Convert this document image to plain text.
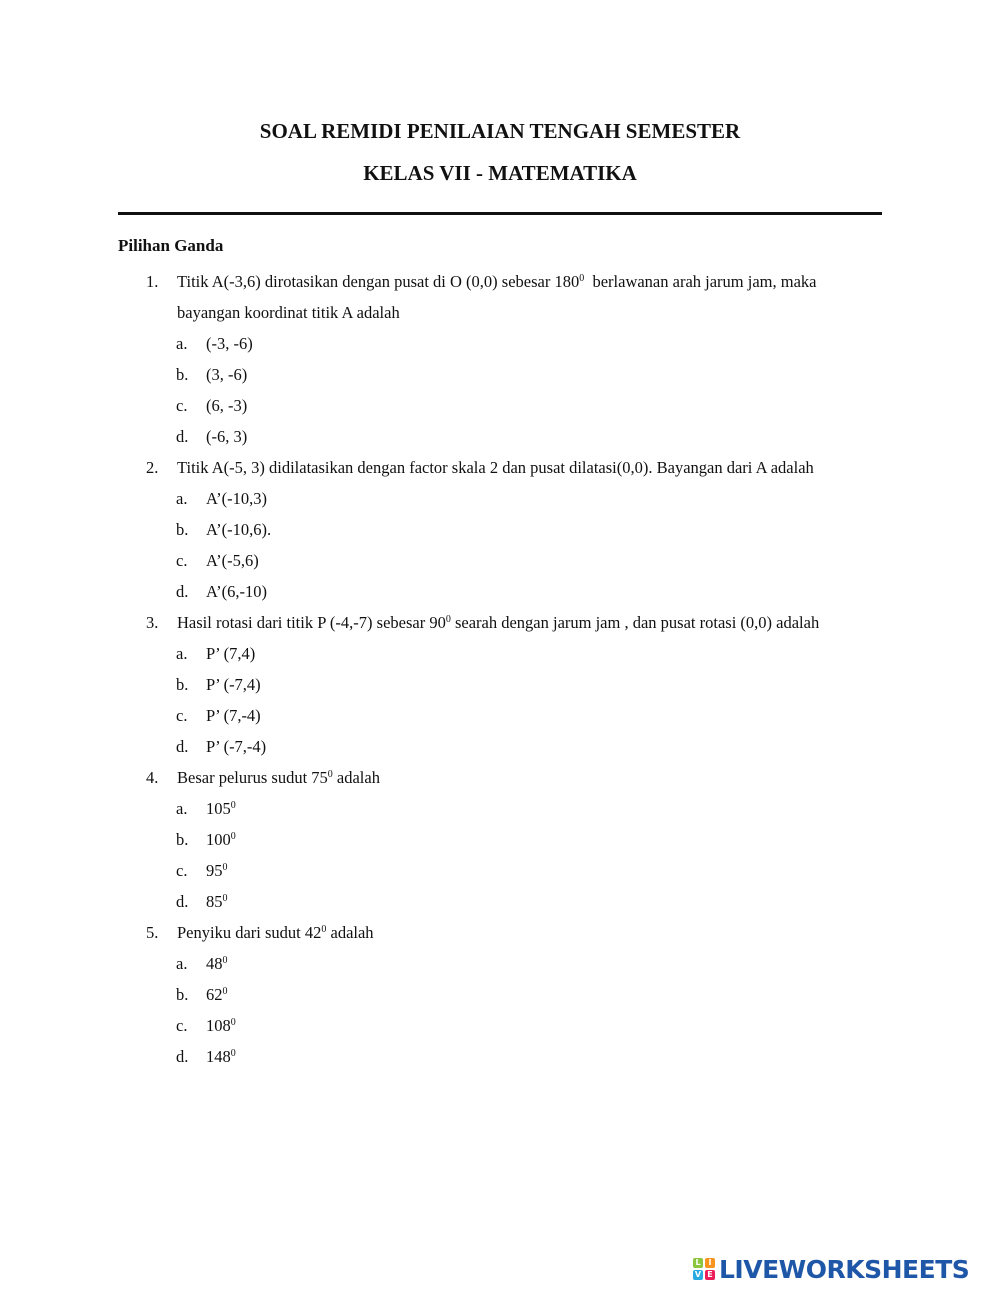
SOAL REMIDI PENILAIAN TENGAH SEMESTER
KELAS VII - MATEMATIKA
Pilihan Ganda
1. Titik A(-3,6) dirotasikan dengan pusat di O (0,0) sebesar $180^0$  berlawanan arah jarum jam, maka
bayangan koordinat titik A adalah
a. (-3, -6)
b. (3, -6)
c. (6, -3)
d. (-6, 3)
2. Titik A(-5, 3) didilatasikan dengan factor skala 2 dan pusat dilatasi(0,0). Bayangan dari A adalah
a. A’(-10,3)
b. A’(-10,6).
c. A’(-5,6)
d. A’(6,-10)
3. Hasil rotasi dari titik P (-4,-7) sebesar $90^0$ searah dengan jarum jam , dan pusat rotasi (0,0) adalah
a. P’ (7,4)
b. P’ (-7,4)
c. P’ (7,-4)
d. P’ (-7,-4)
4. Besar pelurus sudut $75^0$ adalah
a. $105^0$
b. $100^0$
c. $95^0$
d. $85^0$
5. Penyiku dari sudut $42^0$ adalah
a. $48^0$
b. $62^0$
c. $108^0$
d. $148^0$
L I
V E LIVEWORKSHEETS
